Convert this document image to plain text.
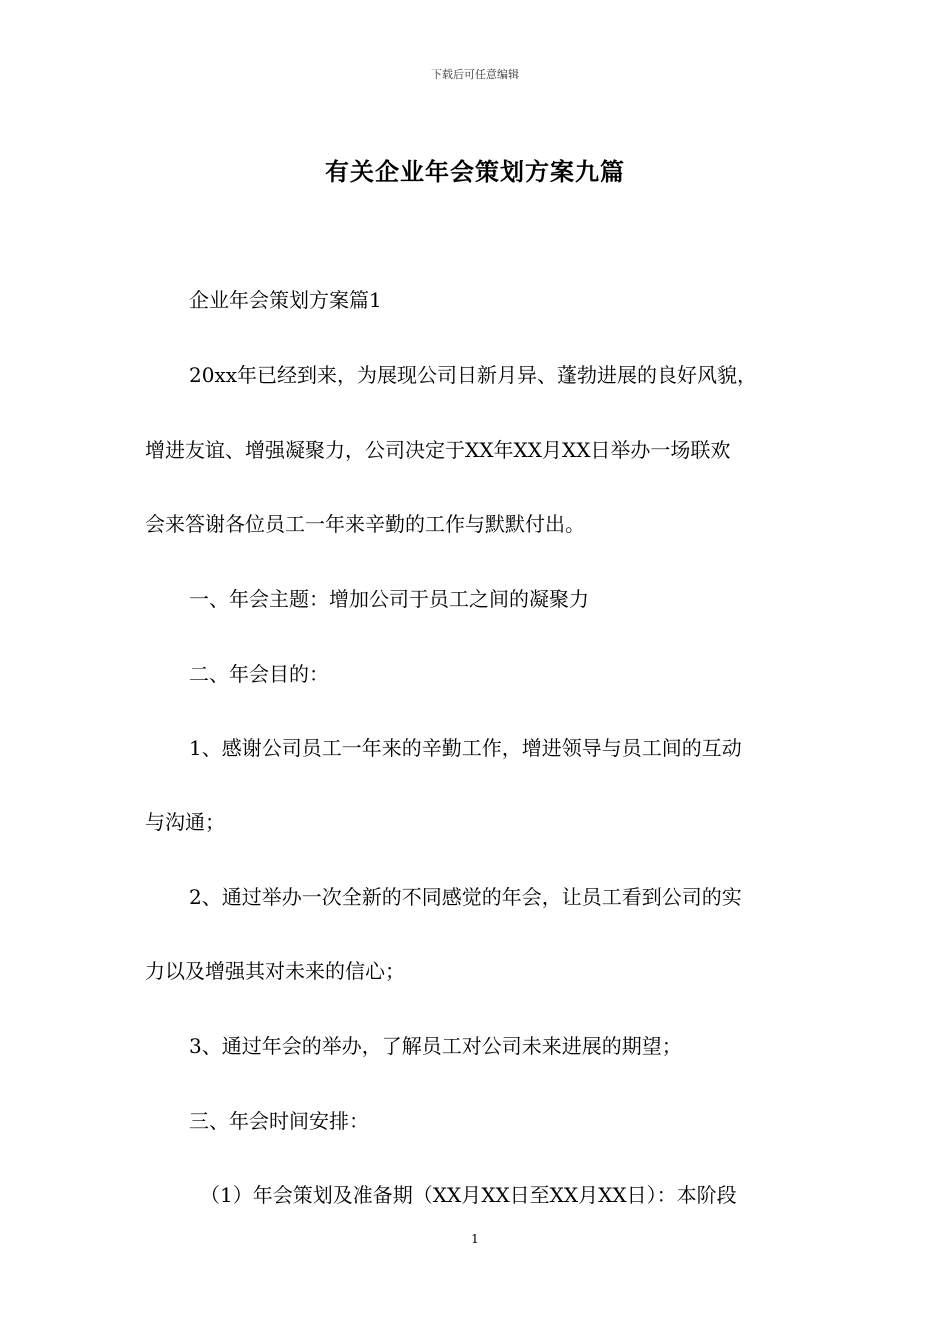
下载后可任意编辑
有关企业年会策划方案九篇
企业年会策划方案篇1
20xx年已经到来，为展现公司日新月异、蓬勃进展的良好风貌，
增进友谊、增强凝聚力，公司决定于XX年XX月XX日举办一场联欢
会来答谢各位员工一年来辛勤的工作与默默付出。
一、年会主题：增加公司于员工之间的凝聚力
二、年会目的：
1、感谢公司员工一年来的辛勤工作，增进领导与员工间的互动
与沟通；
2、通过举办一次全新的不同感觉的年会，让员工看到公司的实
力以及增强其对未来的信心；
3、通过年会的举办，了解员工对公司未来进展的期望；
三、年会时间安排：
（1）年会策划及准备期（XX月XX日至XX月XX日）：本阶段
1
